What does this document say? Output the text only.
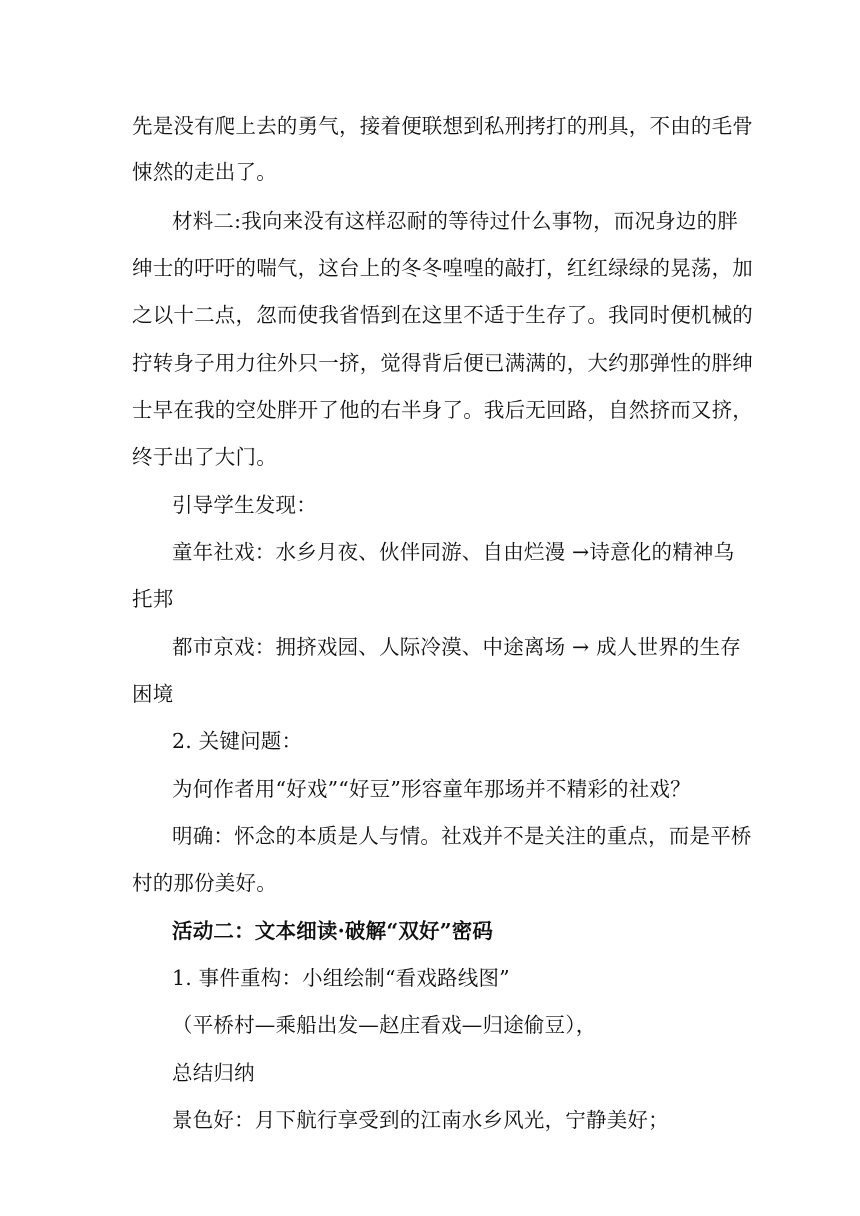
先是没有爬上去的勇气，接着便联想到私刑拷打的刑具，不由的毛骨
悚然的走出了。
材料二:我向来没有这样忍耐的等待过什么事物，而况身边的胖
绅士的吁吁的喘气，这台上的冬冬喤喤的敲打，红红绿绿的晃荡，加
之以十二点，忽而使我省悟到在这里不适于生存了。我同时便机械的
拧转身子用力往外只一挤，觉得背后便已满满的，大约那弹性的胖绅
士早在我的空处胖开了他的右半身了。我后无回路，自然挤而又挤，
终于出了大门。
引导学生发现：
童年社戏：水乡月夜、伙伴同游、自由烂漫 →诗意化的精神乌
托邦
都市京戏：拥挤戏园、人际冷漠、中途离场 → 成人世界的生存
困境
2. 关键问题：
为何作者用“好戏”“好豆”形容童年那场并不精彩的社戏？
明确：怀念的本质是人与情。社戏并不是关注的重点，而是平桥
村的那份美好。
活动二：文本细读·破解“双好”密码
1. 事件重构：小组绘制“看戏路线图”
（平桥村—乘船出发—赵庄看戏—归途偷豆），
总结归纳
景色好：月下航行享受到的江南水乡风光，宁静美好；
